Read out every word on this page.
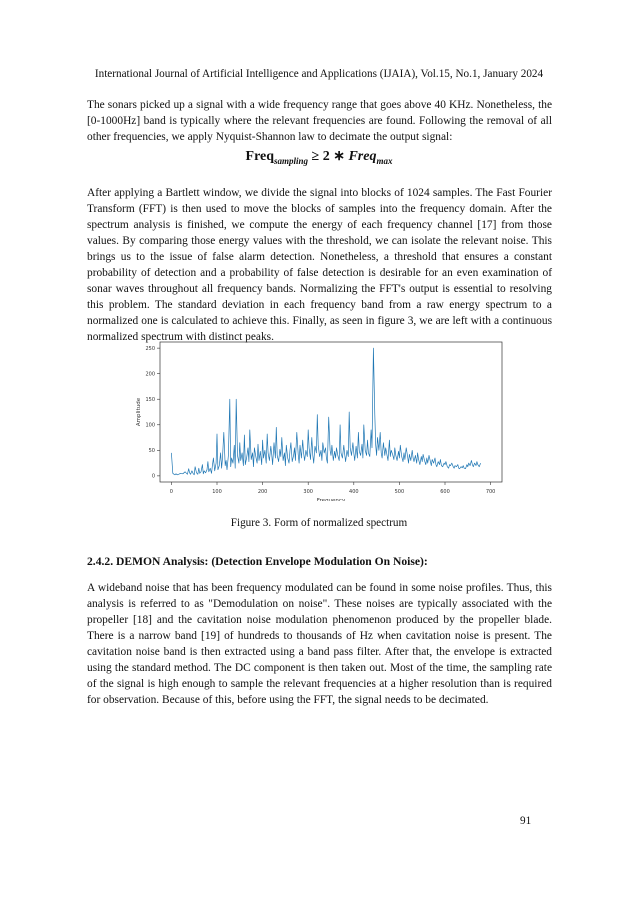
International Journal of Artificial Intelligence and Applications (IJAIA), Vol.15, No.1, January 2024

The sonars picked up a signal with a wide frequency range that goes above 40 KHz. Nonetheless, the [0-1000Hz] band is typically where the relevant frequencies are found. Following the removal of all other frequencies, we apply Nyquist-Shannon law to decimate the output signal:

Freq$_{sampling}$ ≥ 2 ∗ Freq$_{max}$

After applying a Bartlett window, we divide the signal into blocks of 1024 samples. The Fast Fourier Transform (FFT) is then used to move the blocks of samples into the frequency domain. After the spectrum analysis is finished, we compute the energy of each frequency channel [17] from those values. By comparing those energy values with the threshold, we can isolate the relevant noise. This brings us to the issue of false alarm detection. Nonetheless, a threshold that ensures a constant probability of detection and a probability of false detection is desirable for an even examination of sonar waves throughout all frequency bands. Normalizing the FFT's output is essential to resolving this problem. The standard deviation in each frequency band from a raw energy spectrum to a normalized one is calculated to achieve this. Finally, as seen in figure 3, we are left with a continuous normalized spectrum with distinct peaks.

0	100	200	300	400	500	600	700
0
50
100
150
200
250
Frequency
Amplitude
Figure 3. Form of normalized spectrum
2.4.2. DEMON Analysis: (Detection Envelope Modulation On Noise):

A wideband noise that has been frequency modulated can be found in some noise profiles. Thus, this analysis is referred to as "Demodulation on noise". These noises are typically associated with the propeller [18] and the cavitation noise modulation phenomenon produced by the propeller blade. There is a narrow band [19] of hundreds to thousands of Hz when cavitation noise is present. The cavitation noise band is then extracted using a band pass filter. After that, the envelope is extracted using the standard method. The DC component is then taken out. Most of the time, the sampling rate of the signal is high enough to sample the relevant frequencies at a higher resolution than is required for observation. Because of this, before using the FFT, the signal needs to be decimated.

91
